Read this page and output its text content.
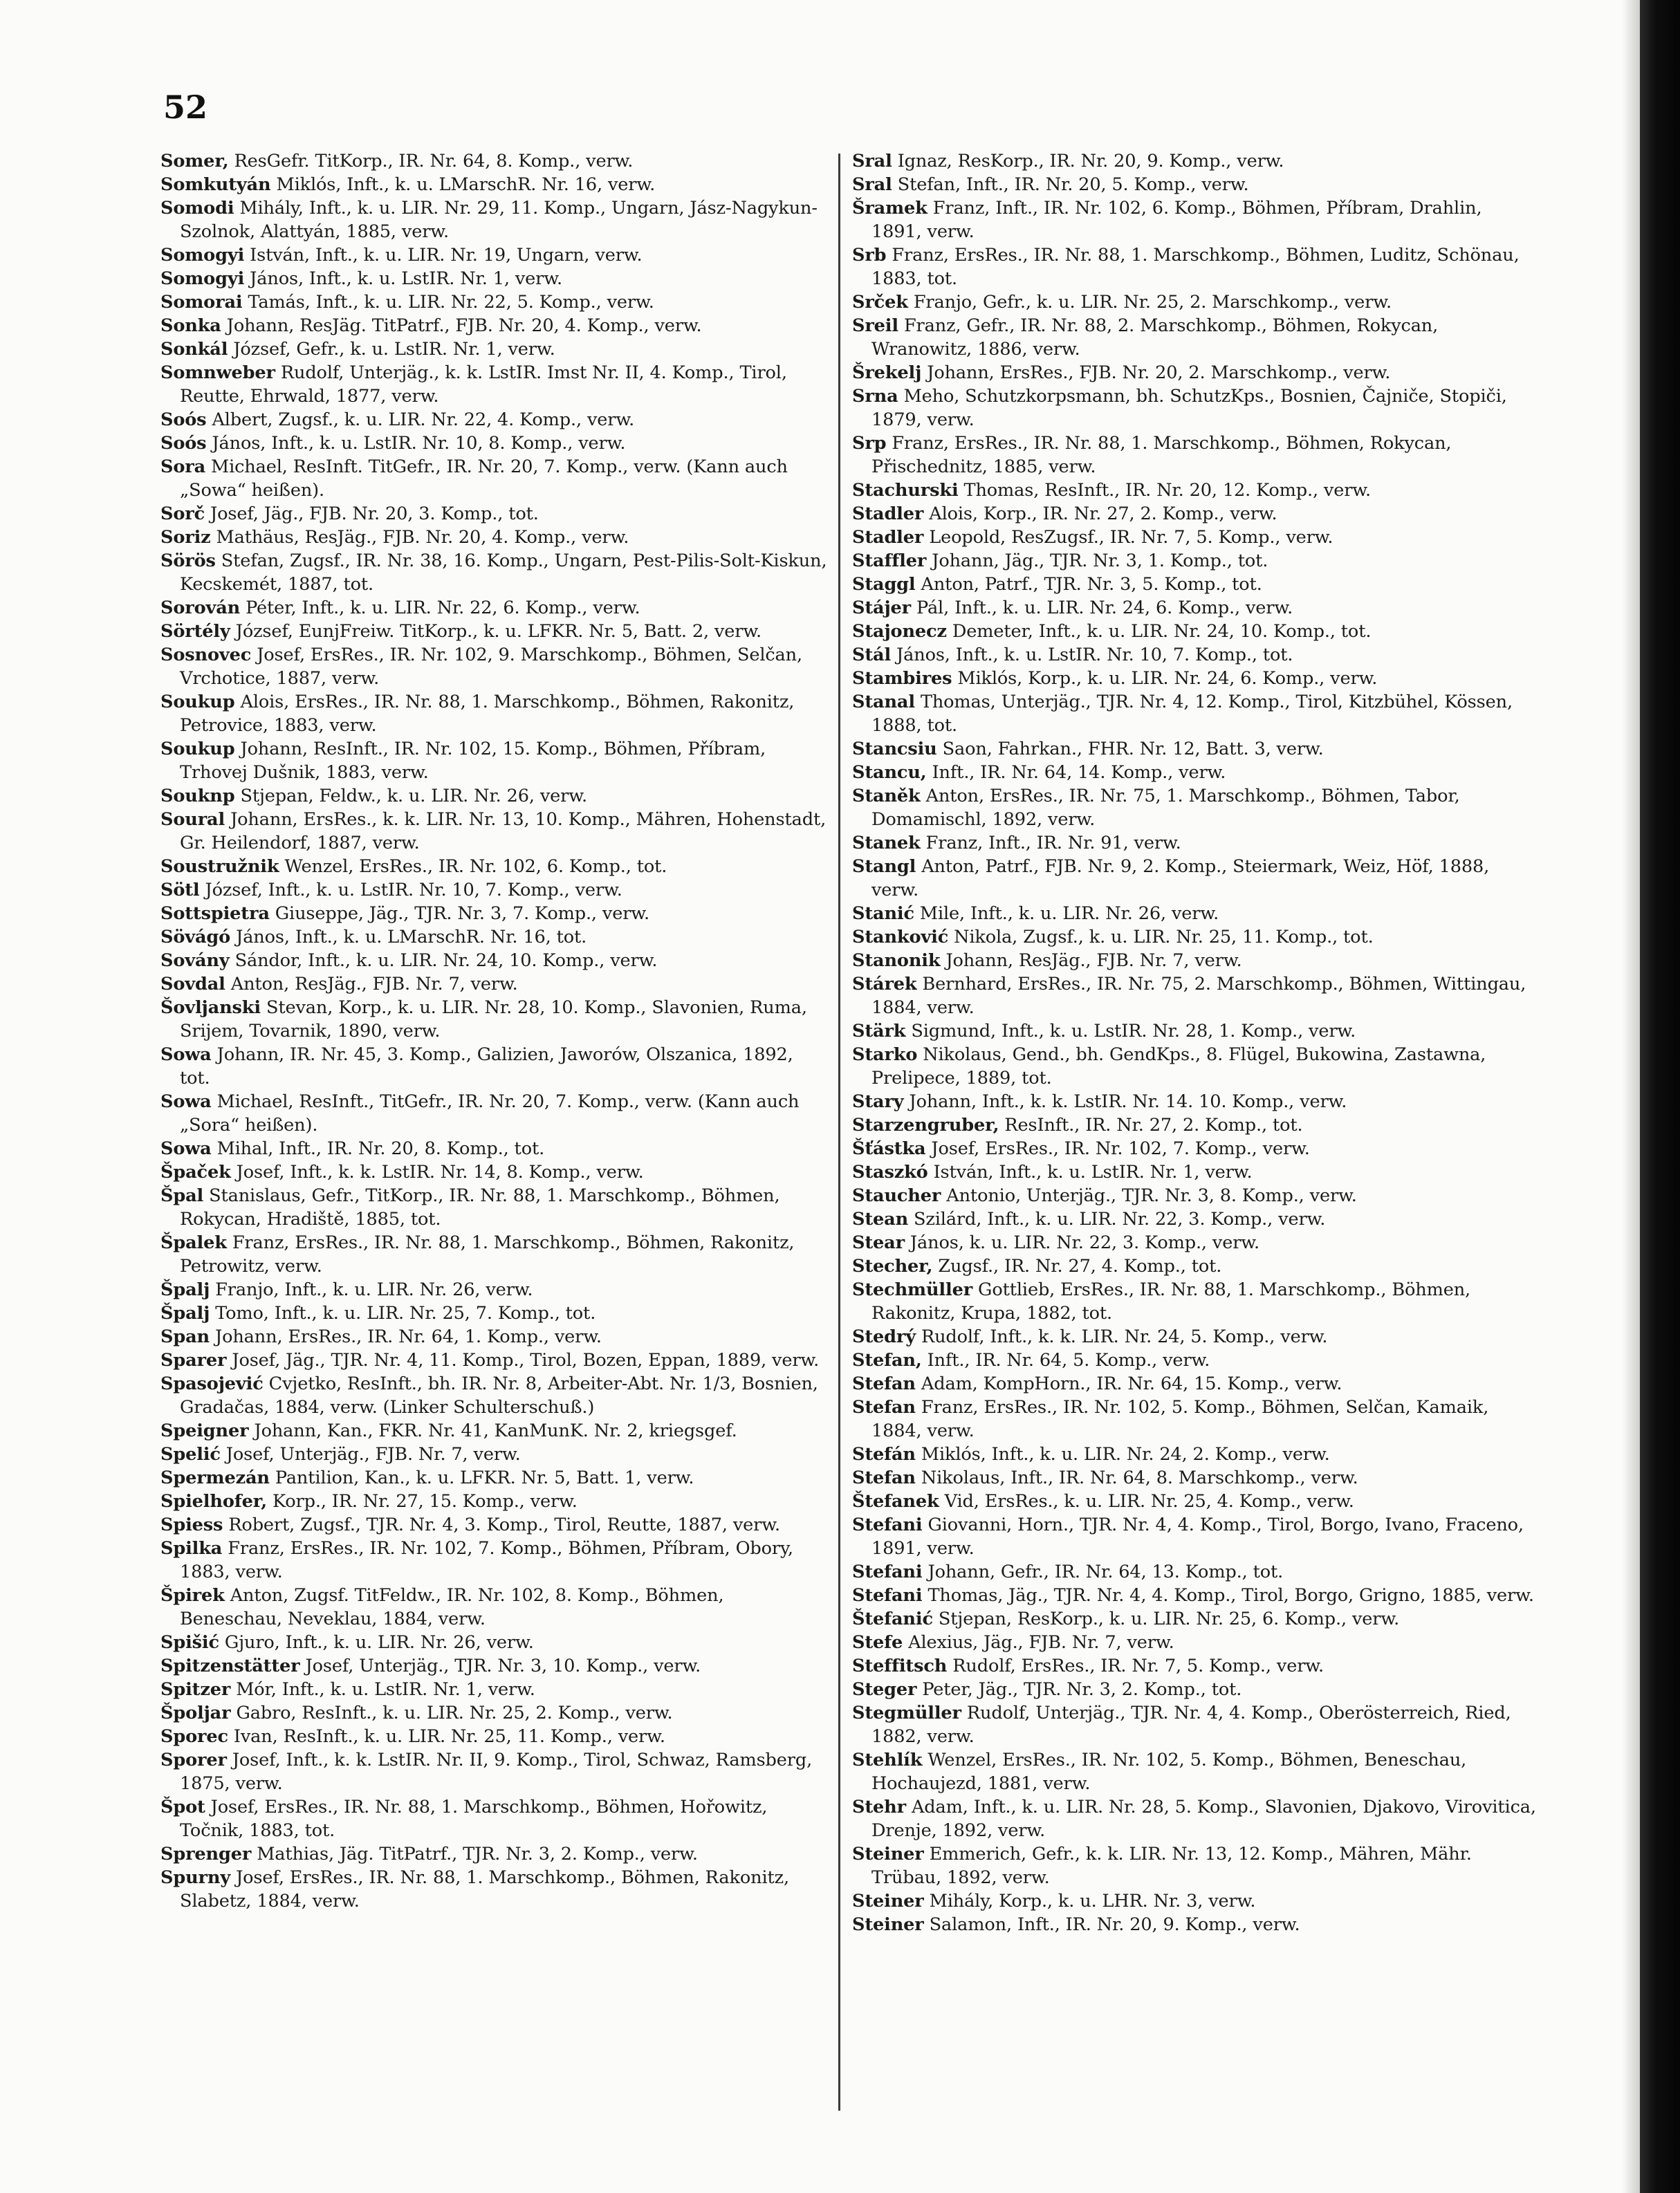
52

Somer, ResGefr. TitKorp., IR. Nr. 64, 8. Komp., verw.

Somkutyán Miklós, Inft., k. u. LMarschR. Nr. 16, verw.

Somodi Mihály, Inft., k. u. LIR. Nr. 29, 11. Komp., Ungarn, Jász-Nagykun-Szolnok, Alattyán, 1885, verw.

Somogyi István, Inft., k. u. LIR. Nr. 19, Ungarn, verw.

Somogyi János, Inft., k. u. LstIR. Nr. 1, verw.

Somorai Tamás, Inft., k. u. LIR. Nr. 22, 5. Komp., verw.

Sonka Johann, ResJäg. TitPatrf., FJB. Nr. 20, 4. Komp., verw.

Sonkál József, Gefr., k. u. LstIR. Nr. 1, verw.

Somnweber Rudolf, Unterjäg., k. k. LstIR. Imst Nr. II, 4. Komp., Tirol, Reutte, Ehrwald, 1877, verw.

Soós Albert, Zugsf., k. u. LIR. Nr. 22, 4. Komp., verw.

Soós János, Inft., k. u. LstIR. Nr. 10, 8. Komp., verw.

Sora Michael, ResInft. TitGefr., IR. Nr. 20, 7. Komp., verw. (Kann auch „Sowa“ heißen).

Sorč Josef, Jäg., FJB. Nr. 20, 3. Komp., tot.

Soriz Mathäus, ResJäg., FJB. Nr. 20, 4. Komp., verw.

Sörös Stefan, Zugsf., IR. Nr. 38, 16. Komp., Ungarn, Pest-Pilis-Solt-Kiskun, Kecskemét, 1887, tot.

Sorován Péter, Inft., k. u. LIR. Nr. 22, 6. Komp., verw.

Sörtély József, EunjFreiw. TitKorp., k. u. LFKR. Nr. 5, Batt. 2, verw.

Sosnovec Josef, ErsRes., IR. Nr. 102, 9. Marschkomp., Böhmen, Selčan, Vrchotice, 1887, verw.

Soukup Alois, ErsRes., IR. Nr. 88, 1. Marschkomp., Böhmen, Rakonitz, Petrovice, 1883, verw.

Soukup Johann, ResInft., IR. Nr. 102, 15. Komp., Böhmen, Příbram, Trhovej Dušnik, 1883, verw.

Souknp Stjepan, Feldw., k. u. LIR. Nr. 26, verw.

Soural Johann, ErsRes., k. k. LIR. Nr. 13, 10. Komp., Mähren, Hohenstadt, Gr. Heilendorf, 1887, verw.

Soustružnik Wenzel, ErsRes., IR. Nr. 102, 6. Komp., tot.

Sötl József, Inft., k. u. LstIR. Nr. 10, 7. Komp., verw.

Sottspietra Giuseppe, Jäg., TJR. Nr. 3, 7. Komp., verw.

Sövágó János, Inft., k. u. LMarschR. Nr. 16, tot.

Sovány Sándor, Inft., k. u. LIR. Nr. 24, 10. Komp., verw.

Sovdal Anton, ResJäg., FJB. Nr. 7, verw.

Šovljanski Stevan, Korp., k. u. LIR. Nr. 28, 10. Komp., Slavonien, Ruma, Srijem, Tovarnik, 1890, verw.

Sowa Johann, IR. Nr. 45, 3. Komp., Galizien, Jaworów, Olszanica, 1892, tot.

Sowa Michael, ResInft., TitGefr., IR. Nr. 20, 7. Komp., verw. (Kann auch „Sora“ heißen).

Sowa Mihal, Inft., IR. Nr. 20, 8. Komp., tot.

Špaček Josef, Inft., k. k. LstIR. Nr. 14, 8. Komp., verw.

Špal Stanislaus, Gefr., TitKorp., IR. Nr. 88, 1. Marschkomp., Böhmen, Rokycan, Hradiště, 1885, tot.

Špalek Franz, ErsRes., IR. Nr. 88, 1. Marschkomp., Böhmen, Rakonitz, Petrowitz, verw.

Špalj Franjo, Inft., k. u. LIR. Nr. 26, verw.

Špalj Tomo, Inft., k. u. LIR. Nr. 25, 7. Komp., tot.

Span Johann, ErsRes., IR. Nr. 64, 1. Komp., verw.

Sparer Josef, Jäg., TJR. Nr. 4, 11. Komp., Tirol, Bozen, Eppan, 1889, verw.

Spasojević Cvjetko, ResInft., bh. IR. Nr. 8, Arbeiter-Abt. Nr. 1/3, Bosnien, Gradačas, 1884, verw. (Linker Schulterschuß.)

Speigner Johann, Kan., FKR. Nr. 41, KanMunK. Nr. 2, kriegsgef.

Spelić Josef, Unterjäg., FJB. Nr. 7, verw.

Spermezán Pantilion, Kan., k. u. LFKR. Nr. 5, Batt. 1, verw.

Spielhofer, Korp., IR. Nr. 27, 15. Komp., verw.

Spiess Robert, Zugsf., TJR. Nr. 4, 3. Komp., Tirol, Reutte, 1887, verw.

Spilka Franz, ErsRes., IR. Nr. 102, 7. Komp., Böhmen, Příbram, Obory, 1883, verw.

Špirek Anton, Zugsf. TitFeldw., IR. Nr. 102, 8. Komp., Böhmen, Beneschau, Neveklau, 1884, verw.

Spišić Gjuro, Inft., k. u. LIR. Nr. 26, verw.

Spitzenstätter Josef, Unterjäg., TJR. Nr. 3, 10. Komp., verw.

Spitzer Mór, Inft., k. u. LstIR. Nr. 1, verw.

Špoljar Gabro, ResInft., k. u. LIR. Nr. 25, 2. Komp., verw.

Sporec Ivan, ResInft., k. u. LIR. Nr. 25, 11. Komp., verw.

Sporer Josef, Inft., k. k. LstIR. Nr. II, 9. Komp., Tirol, Schwaz, Ramsberg, 1875, verw.

Špot Josef, ErsRes., IR. Nr. 88, 1. Marschkomp., Böhmen, Hořowitz, Točnik, 1883, tot.

Sprenger Mathias, Jäg. TitPatrf., TJR. Nr. 3, 2. Komp., verw.

Spurny Josef, ErsRes., IR. Nr. 88, 1. Marschkomp., Böhmen, Rakonitz, Slabetz, 1884, verw.

Sral Ignaz, ResKorp., IR. Nr. 20, 9. Komp., verw.

Sral Stefan, Inft., IR. Nr. 20, 5. Komp., verw.

Šramek Franz, Inft., IR. Nr. 102, 6. Komp., Böhmen, Příbram, Drahlin, 1891, verw.

Srb Franz, ErsRes., IR. Nr. 88, 1. Marschkomp., Böhmen, Luditz, Schönau, 1883, tot.

Srček Franjo, Gefr., k. u. LIR. Nr. 25, 2. Marschkomp., verw.

Sreil Franz, Gefr., IR. Nr. 88, 2. Marschkomp., Böhmen, Rokycan, Wranowitz, 1886, verw.

Šrekelj Johann, ErsRes., FJB. Nr. 20, 2. Marschkomp., verw.

Srna Meho, Schutzkorpsmann, bh. SchutzKps., Bosnien, Čajniče, Stopiči, 1879, verw.

Srp Franz, ErsRes., IR. Nr. 88, 1. Marschkomp., Böhmen, Rokycan, Přischednitz, 1885, verw.

Stachurski Thomas, ResInft., IR. Nr. 20, 12. Komp., verw.

Stadler Alois, Korp., IR. Nr. 27, 2. Komp., verw.

Stadler Leopold, ResZugsf., IR. Nr. 7, 5. Komp., verw.

Staffler Johann, Jäg., TJR. Nr. 3, 1. Komp., tot.

Staggl Anton, Patrf., TJR. Nr. 3, 5. Komp., tot.

Stájer Pál, Inft., k. u. LIR. Nr. 24, 6. Komp., verw.

Stajonecz Demeter, Inft., k. u. LIR. Nr. 24, 10. Komp., tot.

Stál János, Inft., k. u. LstIR. Nr. 10, 7. Komp., tot.

Stambires Miklós, Korp., k. u. LIR. Nr. 24, 6. Komp., verw.

Stanal Thomas, Unterjäg., TJR. Nr. 4, 12. Komp., Tirol, Kitzbühel, Kössen, 1888, tot.

Stancsiu Saon, Fahrkan., FHR. Nr. 12, Batt. 3, verw.

Stancu, Inft., IR. Nr. 64, 14. Komp., verw.

Staněk Anton, ErsRes., IR. Nr. 75, 1. Marschkomp., Böhmen, Tabor, Domamischl, 1892, verw.

Stanek Franz, Inft., IR. Nr. 91, verw.

Stangl Anton, Patrf., FJB. Nr. 9, 2. Komp., Steiermark, Weiz, Höf, 1888, verw.

Stanić Mile, Inft., k. u. LIR. Nr. 26, verw.

Stanković Nikola, Zugsf., k. u. LIR. Nr. 25, 11. Komp., tot.

Stanonik Johann, ResJäg., FJB. Nr. 7, verw.

Stárek Bernhard, ErsRes., IR. Nr. 75, 2. Marschkomp., Böhmen, Wittingau, 1884, verw.

Stärk Sigmund, Inft., k. u. LstIR. Nr. 28, 1. Komp., verw.

Starko Nikolaus, Gend., bh. GendKps., 8. Flügel, Bukowina, Zastawna, Prelipece, 1889, tot.

Stary Johann, Inft., k. k. LstIR. Nr. 14. 10. Komp., verw.

Starzengruber, ResInft., IR. Nr. 27, 2. Komp., tot.

Šťástka Josef, ErsRes., IR. Nr. 102, 7. Komp., verw.

Staszkó István, Inft., k. u. LstIR. Nr. 1, verw.

Staucher Antonio, Unterjäg., TJR. Nr. 3, 8. Komp., verw.

Stean Szilárd, Inft., k. u. LIR. Nr. 22, 3. Komp., verw.

Stear János, k. u. LIR. Nr. 22, 3. Komp., verw.

Stecher, Zugsf., IR. Nr. 27, 4. Komp., tot.

Stechmüller Gottlieb, ErsRes., IR. Nr. 88, 1. Marschkomp., Böhmen, Rakonitz, Krupa, 1882, tot.

Stedrý Rudolf, Inft., k. k. LIR. Nr. 24, 5. Komp., verw.

Stefan, Inft., IR. Nr. 64, 5. Komp., verw.

Stefan Adam, KompHorn., IR. Nr. 64, 15. Komp., verw.

Stefan Franz, ErsRes., IR. Nr. 102, 5. Komp., Böhmen, Selčan, Kamaik, 1884, verw.

Stefán Miklós, Inft., k. u. LIR. Nr. 24, 2. Komp., verw.

Stefan Nikolaus, Inft., IR. Nr. 64, 8. Marschkomp., verw.

Štefanek Vid, ErsRes., k. u. LIR. Nr. 25, 4. Komp., verw.

Stefani Giovanni, Horn., TJR. Nr. 4, 4. Komp., Tirol, Borgo, Ivano, Fraceno, 1891, verw.

Stefani Johann, Gefr., IR. Nr. 64, 13. Komp., tot.

Stefani Thomas, Jäg., TJR. Nr. 4, 4. Komp., Tirol, Borgo, Grigno, 1885, verw.

Štefanić Stjepan, ResKorp., k. u. LIR. Nr. 25, 6. Komp., verw.

Stefe Alexius, Jäg., FJB. Nr. 7, verw.

Steffitsch Rudolf, ErsRes., IR. Nr. 7, 5. Komp., verw.

Steger Peter, Jäg., TJR. Nr. 3, 2. Komp., tot.

Stegmüller Rudolf, Unterjäg., TJR. Nr. 4, 4. Komp., Oberösterreich, Ried, 1882, verw.

Stehlík Wenzel, ErsRes., IR. Nr. 102, 5. Komp., Böhmen, Beneschau, Hochaujezd, 1881, verw.

Stehr Adam, Inft., k. u. LIR. Nr. 28, 5. Komp., Slavonien, Djakovo, Virovitica, Drenje, 1892, verw.

Steiner Emmerich, Gefr., k. k. LIR. Nr. 13, 12. Komp., Mähren, Mähr. Trübau, 1892, verw.

Steiner Mihály, Korp., k. u. LHR. Nr. 3, verw.

Steiner Salamon, Inft., IR. Nr. 20, 9. Komp., verw.
